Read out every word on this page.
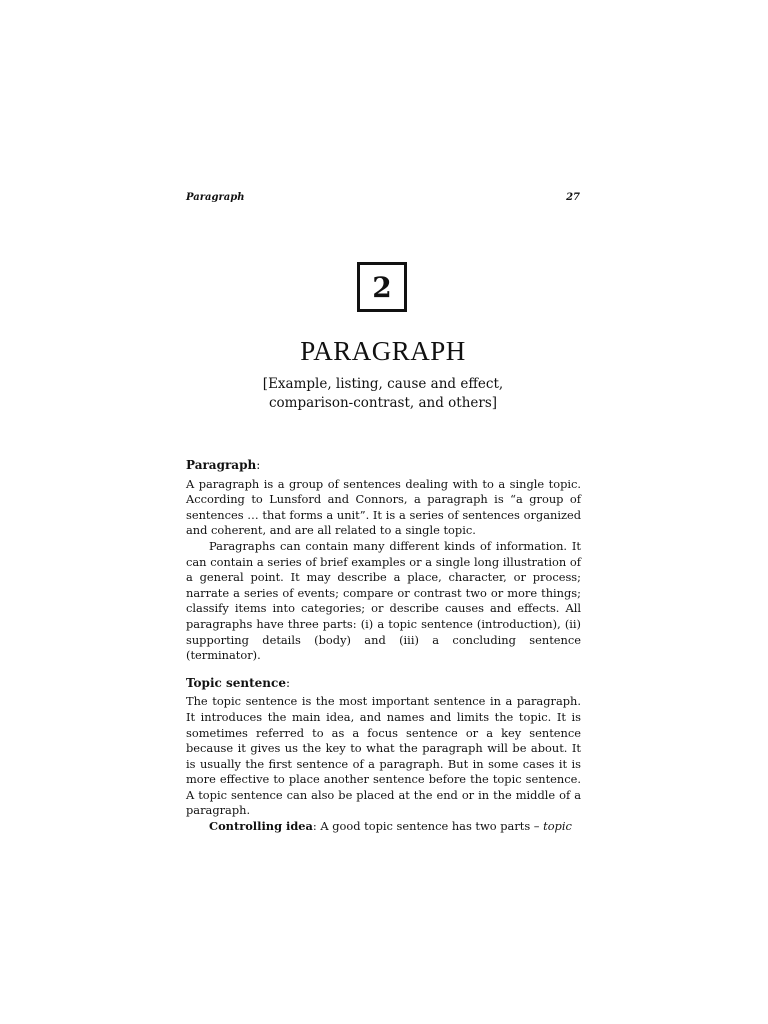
Paragraph	27
2
PARAGRAPH
[Example, listing, cause and effect,
comparison-contrast, and others]
Paragraph:

A paragraph is a group of sentences dealing with to a single topic. According to Lunsford and Connors, a paragraph is “a group of sentences … that forms a unit”. It is a series of sentences organized and coherent, and are all related to a single topic.

Paragraphs can contain many different kinds of information. It can contain a series of brief examples or a single long illustration of a general point. It may describe a place, character, or process; narrate a series of events; compare or contrast two or more things; classify items into categories; or describe causes and effects. All paragraphs have three parts: (i) a topic sentence (introduction), (ii) supporting details (body) and (iii) a concluding sentence (terminator).

Topic sentence:

The topic sentence is the most important sentence in a paragraph. It introduces the main idea, and names and limits the topic. It is sometimes referred to as a focus sentence or a key sentence because it gives us the key to what the paragraph will be about. It is usually the first sentence of a paragraph. But in some cases it is more effective to place another sentence before the topic sentence. A topic sentence can also be placed at the end or in the middle of a paragraph.

Controlling idea: A good topic sentence has two parts – topic
